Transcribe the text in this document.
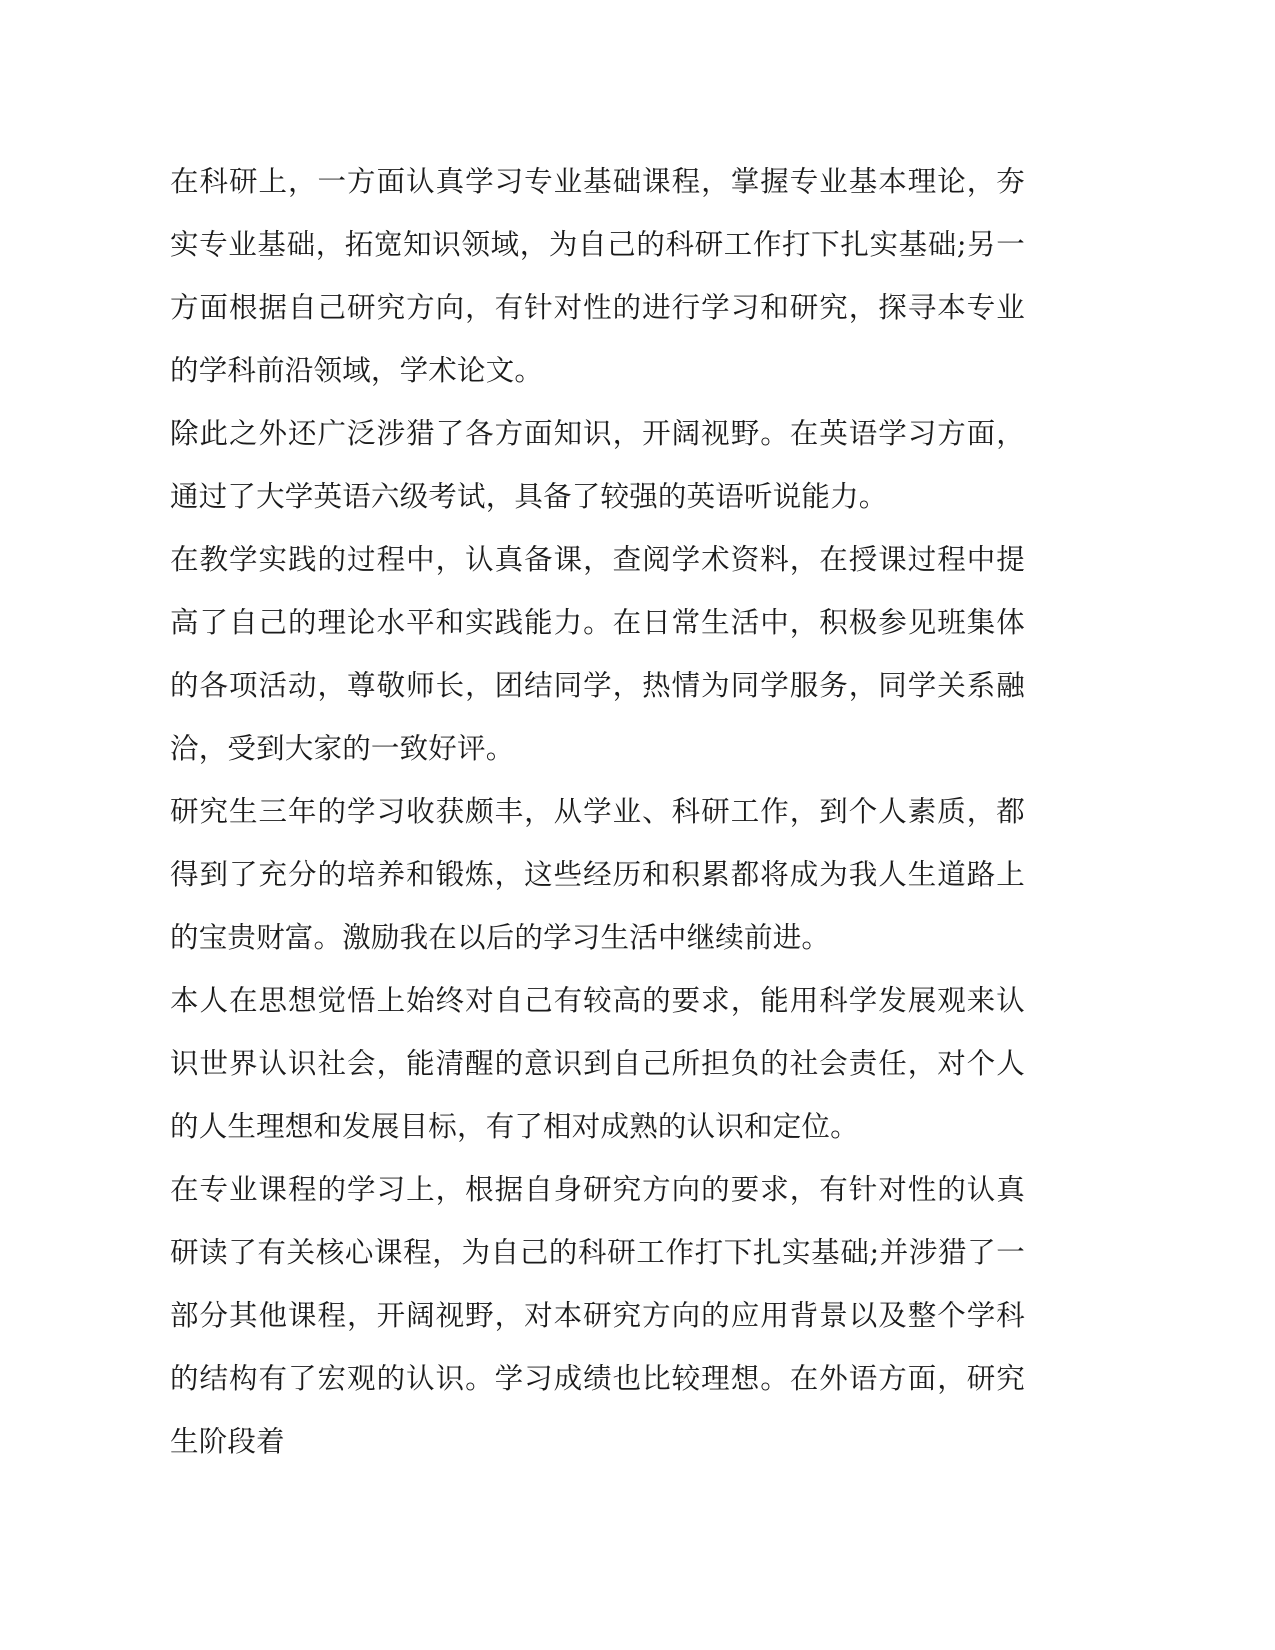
在科研上，一方面认真学习专业基础课程，掌握专业基本理论，夯实专业基础，拓宽知识领域，为自己的科研工作打下扎实基础;另一方面根据自己研究方向，有针对性的进行学习和研究，探寻本专业的学科前沿领域，学术论文。

除此之外还广泛涉猎了各方面知识，开阔视野。在英语学习方面，通过了大学英语六级考试，具备了较强的英语听说能力。

在教学实践的过程中，认真备课，查阅学术资料，在授课过程中提高了自己的理论水平和实践能力。在日常生活中，积极参见班集体的各项活动，尊敬师长，团结同学，热情为同学服务，同学关系融洽，受到大家的一致好评。

研究生三年的学习收获颇丰，从学业、科研工作，到个人素质，都得到了充分的培养和锻炼，这些经历和积累都将成为我人生道路上的宝贵财富。激励我在以后的学习生活中继续前进。

本人在思想觉悟上始终对自己有较高的要求，能用科学发展观来认识世界认识社会，能清醒的意识到自己所担负的社会责任，对个人的人生理想和发展目标，有了相对成熟的认识和定位。

在专业课程的学习上，根据自身研究方向的要求，有针对性的认真研读了有关核心课程，为自己的科研工作打下扎实基础;并涉猎了一部分其他课程，开阔视野，对本研究方向的应用背景以及整个学科的结构有了宏观的认识。学习成绩也比较理想。在外语方面，研究生阶段着
